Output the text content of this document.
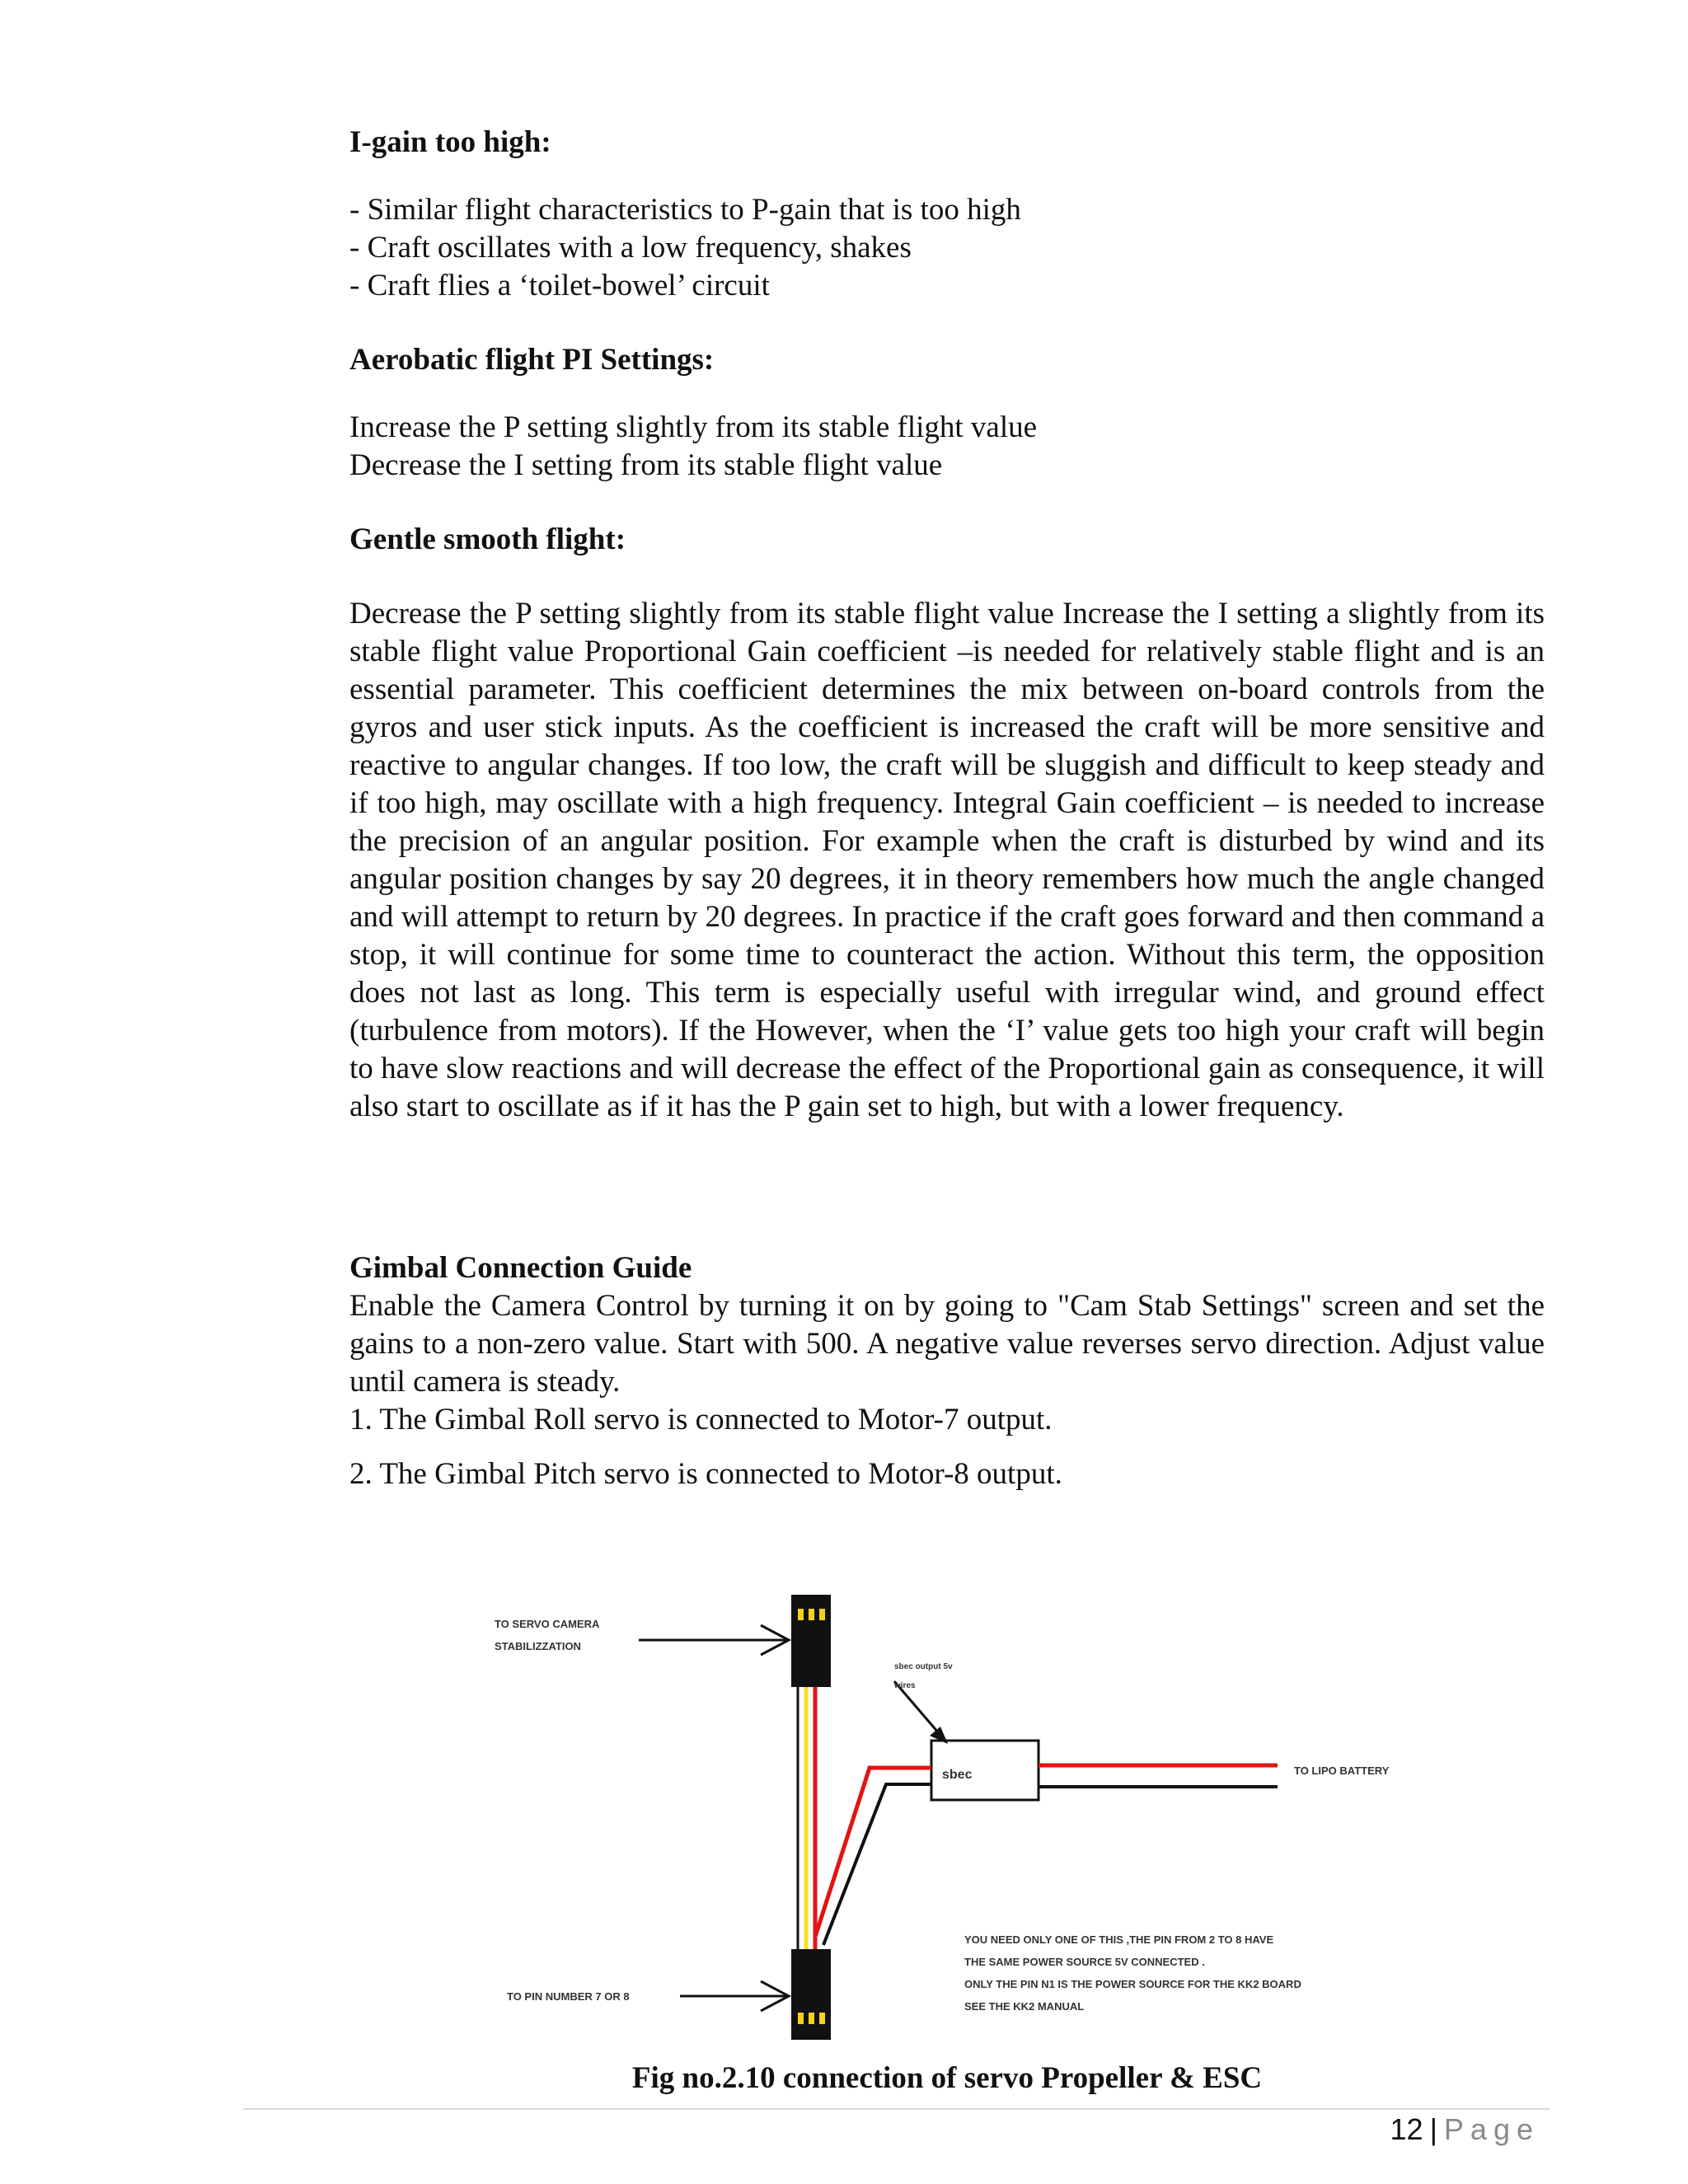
I-gain too high:

- Similar flight characteristics to P-gain that is too high

- Craft oscillates with a low frequency, shakes

- Craft flies a ‘toilet-bowel’ circuit

Aerobatic flight PI Settings:

Increase the P setting slightly from its stable flight value

Decrease the I setting from its stable flight value

Gentle smooth flight:

Decrease the P setting slightly from its stable flight value Increase the I setting a slightly from its stable flight value Proportional Gain coefficient –is needed for relatively stable flight and is an essential parameter. This coefficient determines the mix between on-board controls from the gyros and user stick inputs. As the coefficient is increased the craft will be more sensitive and reactive to angular changes. If too low, the craft will be sluggish and difficult to keep steady and if too high, may oscillate with a high frequency. Integral Gain coefficient – is needed to increase the precision of an angular position. For example when the craft is disturbed by wind and its angular position changes by say 20 degrees, it in theory remembers how much the angle changed and will attempt to return by 20 degrees. In practice if the craft goes forward and then command a stop, it will continue for some time to counteract the action. Without this term, the opposition does not last as long. This term is especially useful with irregular wind, and ground effect (turbulence from motors). If the However, when the ‘I’ value gets too high your craft will begin to have slow reactions and will decrease the effect of the Proportional gain as consequence, it will also start to oscillate as if it has the P gain set to high, but with a lower frequency.

Gimbal Connection Guide

Enable the Camera Control by turning it on by going to "Cam Stab Settings" screen and set the gains to a non-zero value. Start with 500. A negative value reverses servo direction. Adjust value until camera is steady.

1. The Gimbal Roll servo is connected to Motor-7 output.

2. The Gimbal Pitch servo is connected to Motor-8 output.

TO SERVO CAMERA
STABILIZZATION
sbec output 5v
wires
sbec	TO LIPO BATTERY
TO PIN NUMBER 7 OR 8
YOU NEED ONLY ONE OF THIS ,THE PIN FROM 2 TO 8 HAVE
THE SAME POWER SOURCE 5V CONNECTED .
ONLY THE PIN N1 IS THE POWER SOURCE FOR THE KK2 BOARD
SEE THE KK2 MANUAL
Fig no.2.10 connection of servo Propeller & ESC
12 | Page
